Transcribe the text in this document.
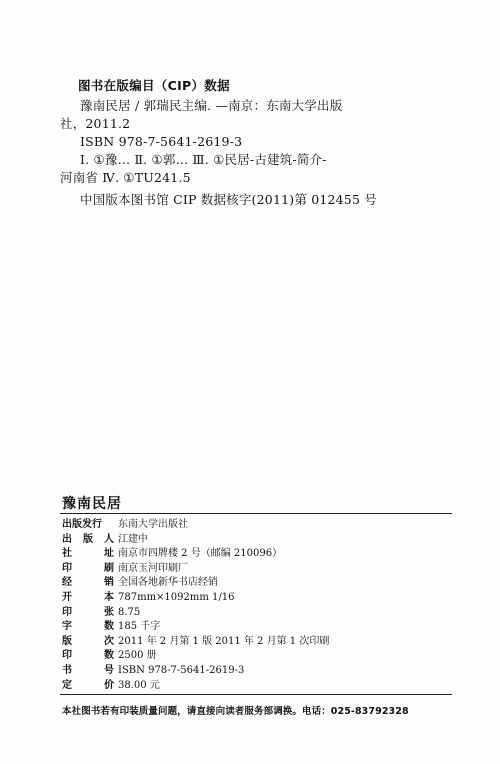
图书在版编目（CIP）数据
豫南民居 / 郭瑞民主编. —南京：东南大学出版
社，2011.2
ISBN 978-7-5641-2619-3
Ⅰ. ①豫… Ⅱ. ①郭… Ⅲ. ①民居-古建筑-简介-
河南省 Ⅳ. ①TU241.5
中国版本图书馆 CIP 数据核字(2011)第 012455 号
豫南民居
出版发行 东南大学出版社
出 版 人 江建中
社	址 南京市四牌楼 2 号（邮编 210096）
印	刷 南京玉河印刷厂
经	销 全国各地新华书店经销
开	本 787mm×1092mm 1/16
印	张 8.75
字	数 185 千字
版	次 2011 年 2 月第 1 版 2011 年 2 月第 1 次印刷
印	数 2500 册
书	号 ISBN 978-7-5641-2619-3
定	价 38.00 元
本社图书若有印装质量问题，请直接向读者服务部调换。电话：025-83792328
